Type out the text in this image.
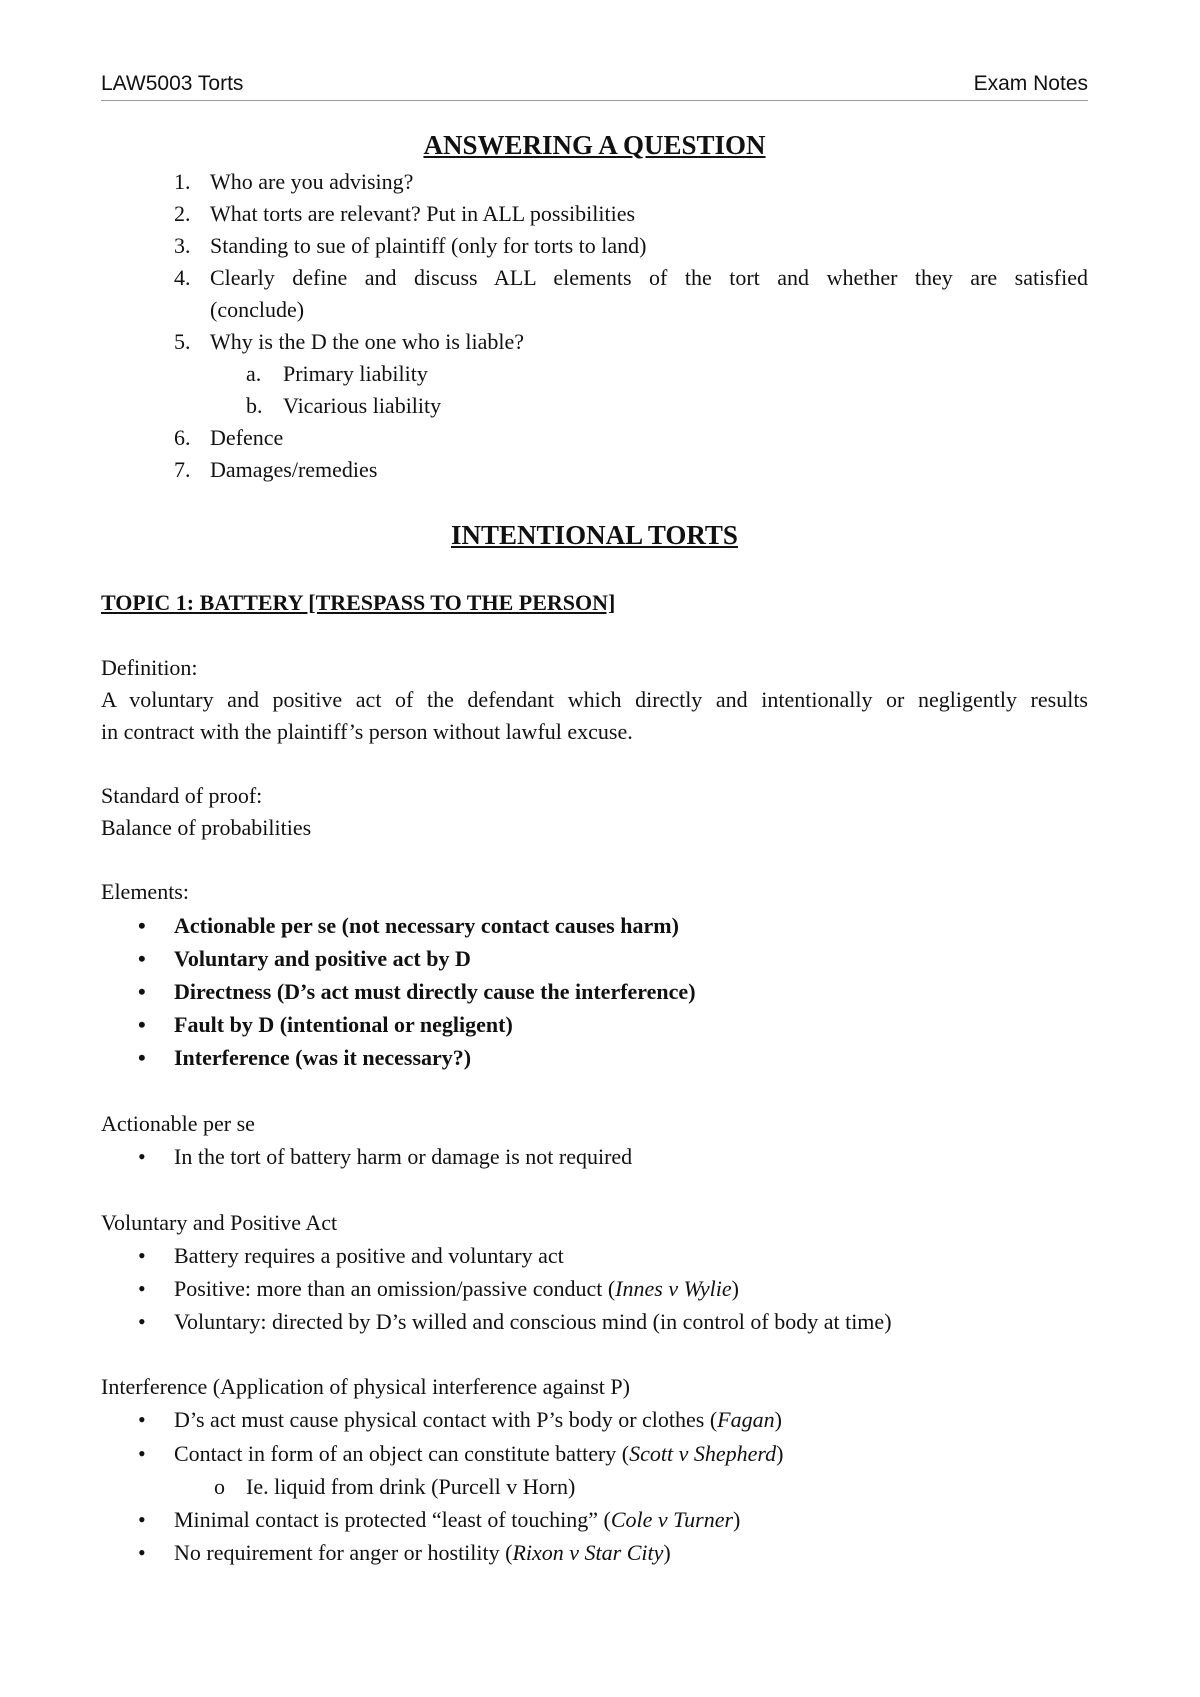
LAW5003 Torts	Exam Notes
ANSWERING A QUESTION
1. Who are you advising?
2. What torts are relevant? Put in ALL possibilities
3. Standing to sue of plaintiff (only for torts to land)
4. Clearly define and discuss ALL elements of the tort and whether they are satisfied
(conclude)
5. Why is the D the one who is liable?
a. Primary liability
b. Vicarious liability
6. Defence
7. Damages/remedies
INTENTIONAL TORTS
TOPIC 1: BATTERY [TRESPASS TO THE PERSON]
Definition:
A voluntary and positive act of the defendant which directly and intentionally or negligently results
in contract with the plaintiff’s person without lawful excuse.
Standard of proof:
Balance of probabilities
Elements:
• Actionable per se (not necessary contact causes harm)
• Voluntary and positive act by D
• Directness (D’s act must directly cause the interference)
• Fault by D (intentional or negligent)
• Interference (was it necessary?)
Actionable per se
• In the tort of battery harm or damage is not required
Voluntary and Positive Act
• Battery requires a positive and voluntary act
• Positive: more than an omission/passive conduct (Innes v Wylie)
• Voluntary: directed by D’s willed and conscious mind (in control of body at time)
Interference (Application of physical interference against P)
• D’s act must cause physical contact with P’s body or clothes (Fagan)
• Contact in form of an object can constitute battery (Scott v Shepherd)
o Ie. liquid from drink (Purcell v Horn)
• Minimal contact is protected “least of touching” (Cole v Turner)
• No requirement for anger or hostility (Rixon v Star City)
